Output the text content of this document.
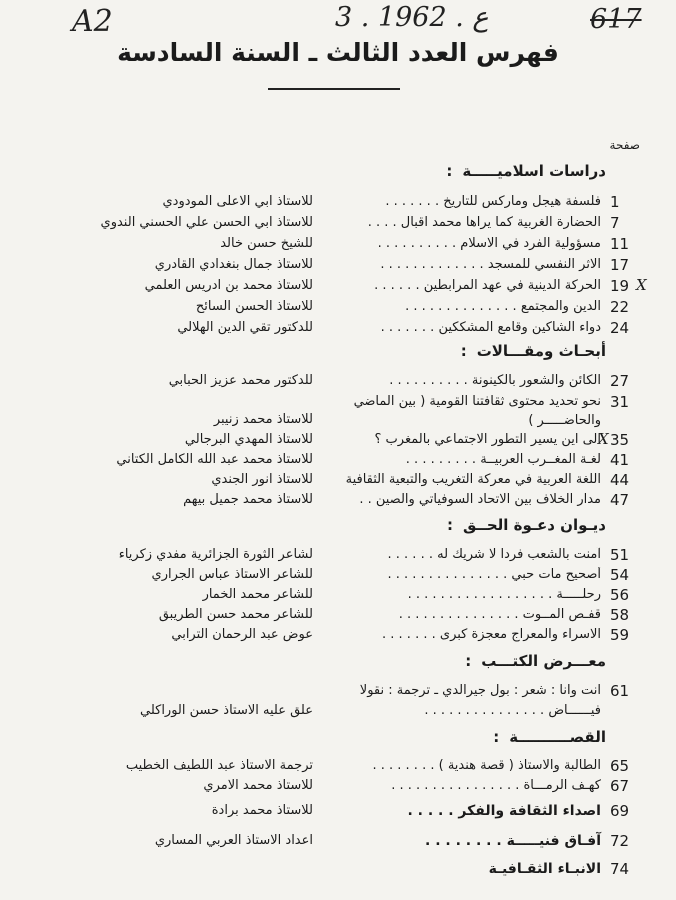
A2	3 . ع . 1962	617
فهرس العدد الثالث ـ السنة السادسة
صفحة
دراسات اسلاميـــــة:
أبحـاث ومقـــالات:
ديـوان دعـوة الحــق:
معـــرض الكتـــب:
القصــــــــــة:
1
فلسفة هيجل وماركس للتاريخ . . . . . . .
للاستاذ ابي الاعلى المودودي
7
الحضارة الغربية كما يراها محمد اقبال . . . .
للاستاذ ابي الحسن علي الحسني الندوي
11
مسؤولية الفرد في الاسلام . . . . . . . . . .
للشيخ حسن خالد
17
الاثر النفسي للمسجد . . . . . . . . . . . . .
للاستاذ جمال بنغدادي القادري
19 X
الحركة الدينية في عهد المرابطين . . . . . .
للاستاذ محمد بن ادريس العلمي
22
الدين والمجتمع . . . . . . . . . . . . . .
للاستاذ الحسن السائح
24
دواء الشاكين وقامع المشككين . . . . . . .
للدكتور تقي الدين الهلالي
27
الكائن والشعور بالكينونة . . . . . . . . . .
للدكتور محمد عزيز الحبابي
31
نحو تحديد محتوى ثقافتنا القومية ( بين الماضي
والحاضـــــر )
للاستاذ محمد زنيبر
X 35
الى اين يسير التطور الاجتماعي بالمغرب ؟
للاستاذ المهدي البرجالي
41
لغـة المغــرب العربيــة . . . . . . . . .
للاستاذ محمد عبد الله الكامل الكتاني
44
اللغة العربية في معركة التغريب والتبعية الثقافية
للاستاذ انور الجندي
47
مدار الخلاف بين الاتحاد السوفياتي والصين . .
للاستاذ محمد جميل بيهم
51
آمنت بالشعب فردا لا شريك له . . . . . .
لشاعر الثورة الجزائرية مفدي زكرياء
54
أصحيح مات حبي . . . . . . . . . . . . . . .
للشاعر الاستاذ عباس الجراري
56
رحلـــــة . . . . . . . . . . . . . . . . . .
للشاعر محمد الخمار
58
قفـص المــوت . . . . . . . . . . . . . . .
للشاعر محمد حسن الطريبق
59
الاسراء والمعراج معجزة كبرى . . . . . . .
عوض عبد الرحمان الترابي
61
انت وانا : شعر : بول جيرالدي ـ ترجمة : نقولا
فيــــــاض . . . . . . . . . . . . . . .
علق عليه الاستاذ حسن الوراكلي
65
الطالبة والاستاذ ( قصة هندية ) . . . . . . . .
ترجمة الاستاذ عبد اللطيف الخطيب
67
كهـف الرمـــاة . . . . . . . . . . . . . . . .
للاستاذ محمد الامري
69
اصداء الثقافة والفكر . . . . .
للاستاذ محمد برادة
72
آفـاق فنيـــــة . . . . . . . .
اعداد الاستاذ العربي المساري
74
الانبـاء الثقـافيـة
